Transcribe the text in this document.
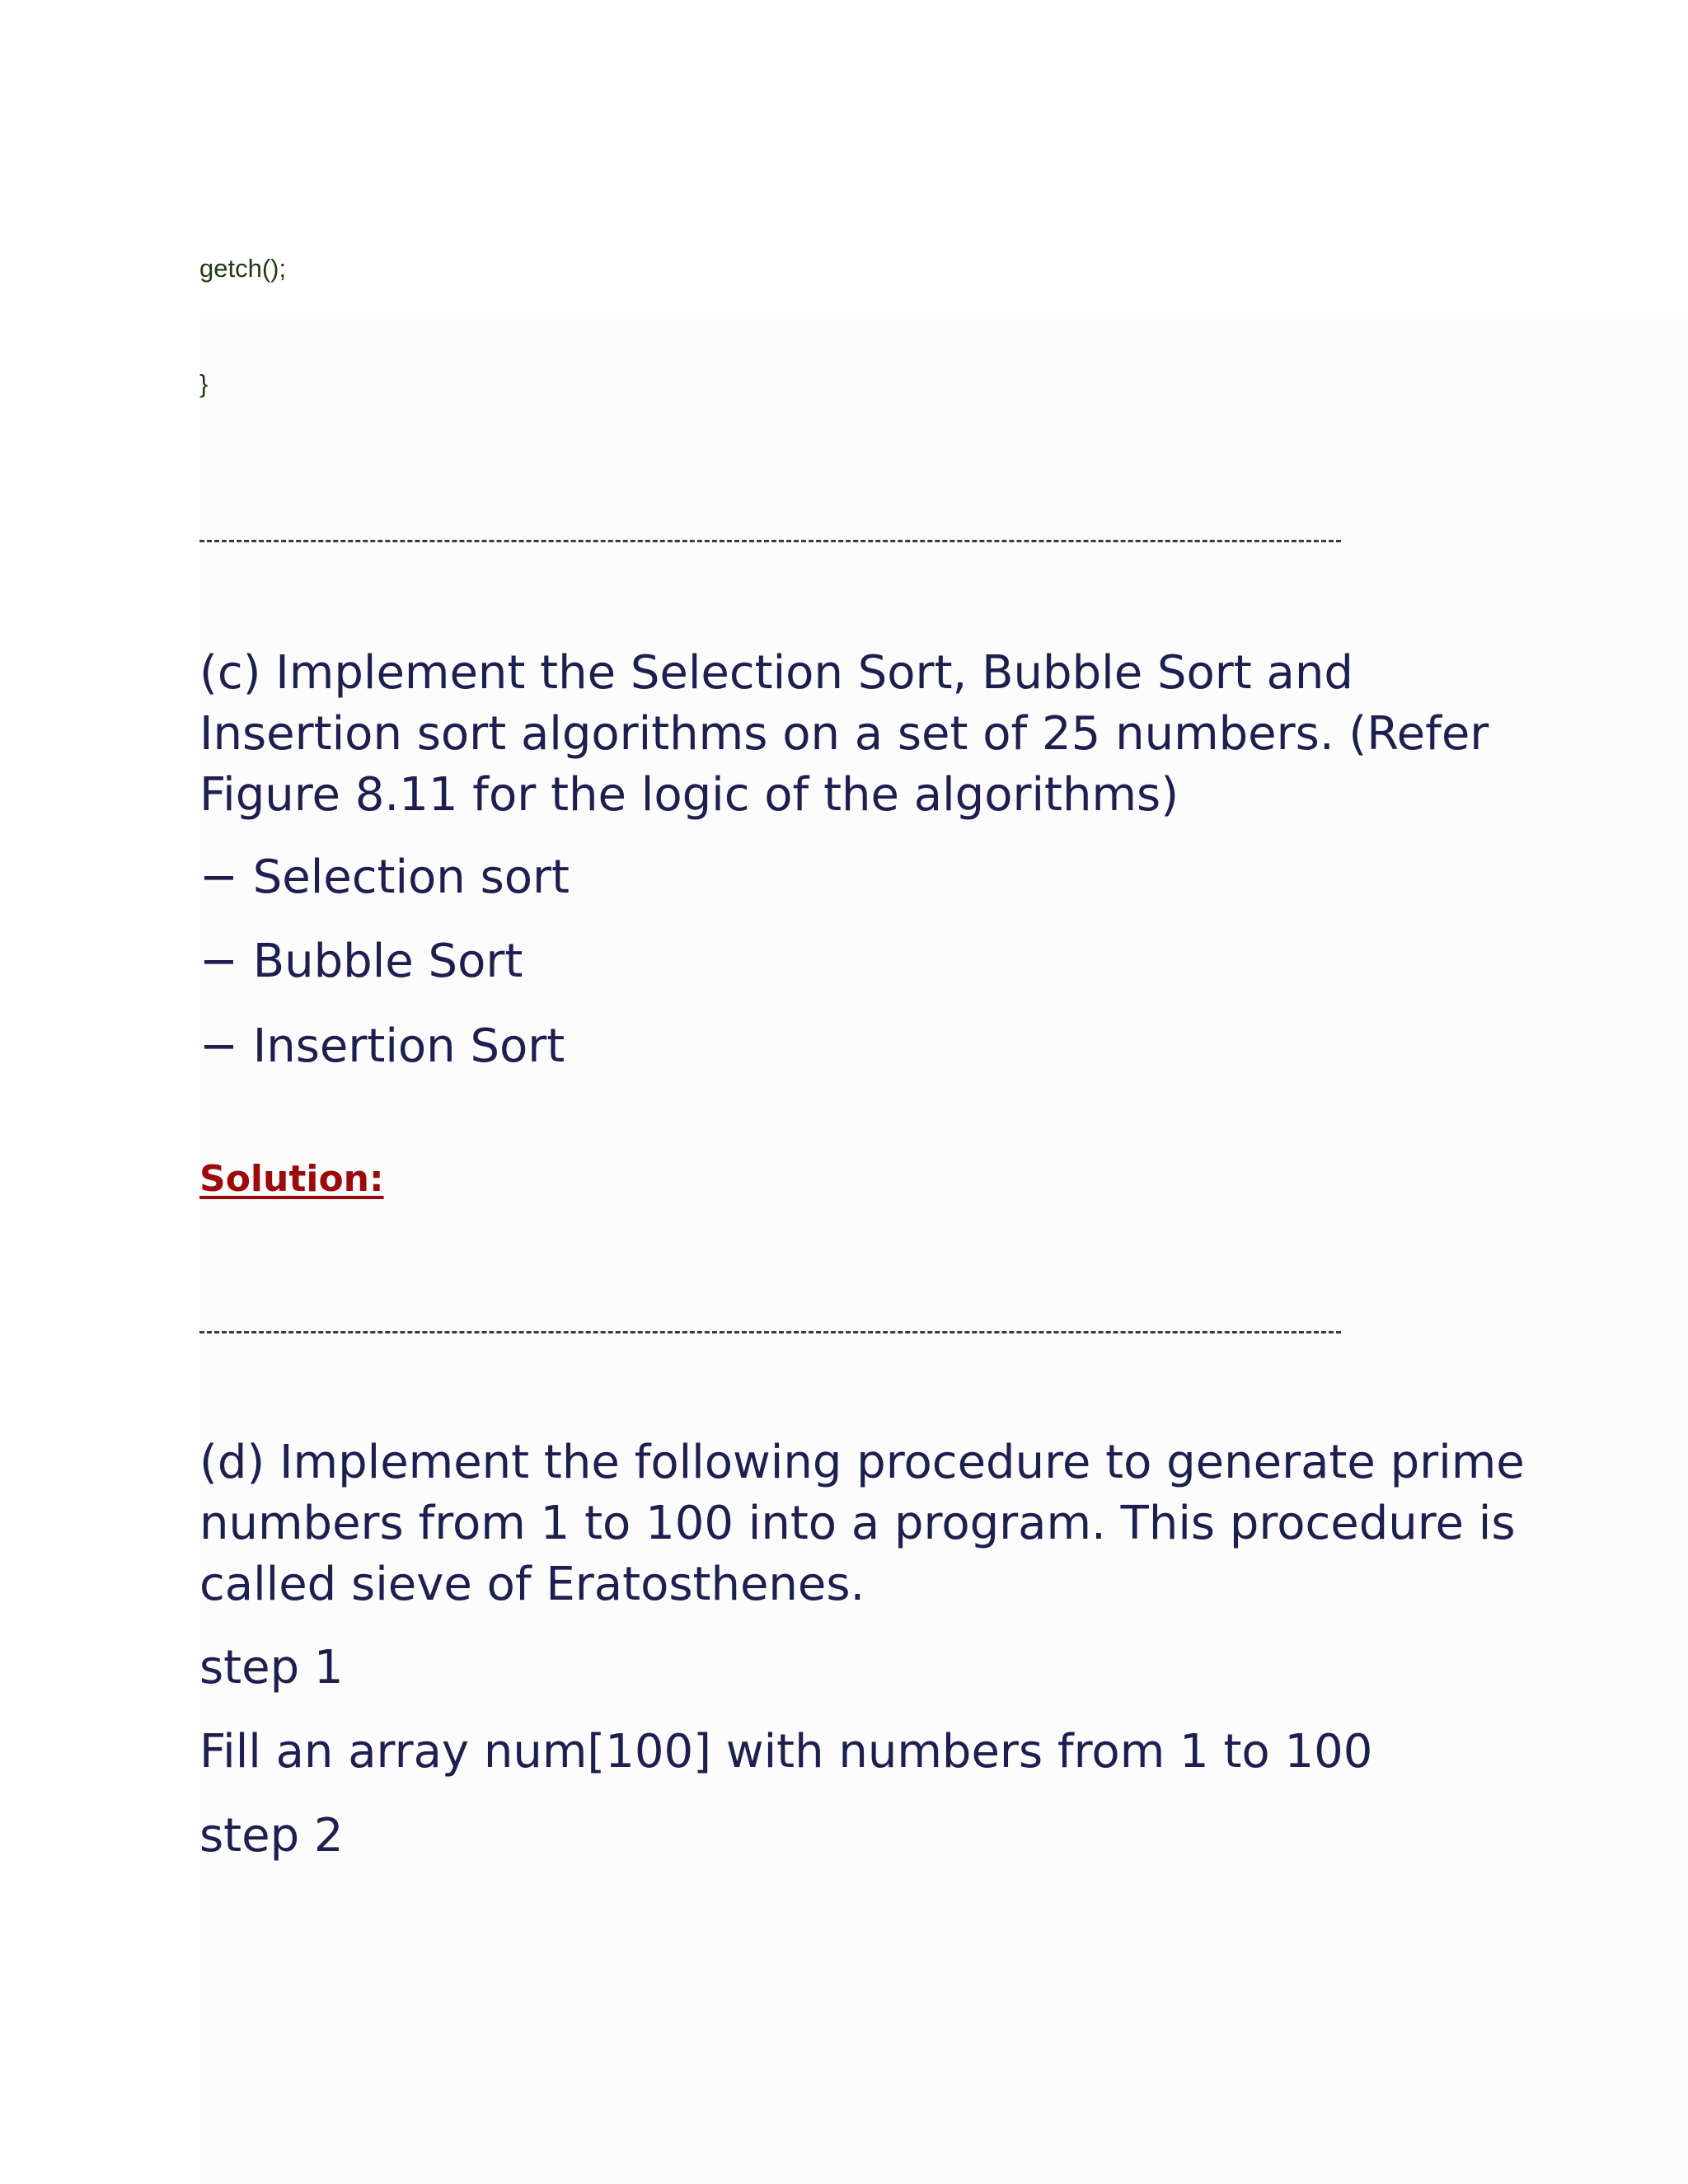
getch();
}
(c) Implement the Selection Sort, Bubble Sort and Insertion sort algorithms on a set of 25 numbers. (Refer Figure 8.11 for the logic of the algorithms)
− Selection sort
− Bubble Sort
− Insertion Sort
Solution:
(d) Implement the following procedure to generate prime numbers from 1 to 100 into a program. This procedure is called sieve of Eratosthenes.
step 1
Fill an array num[100] with numbers from 1 to 100
step 2
